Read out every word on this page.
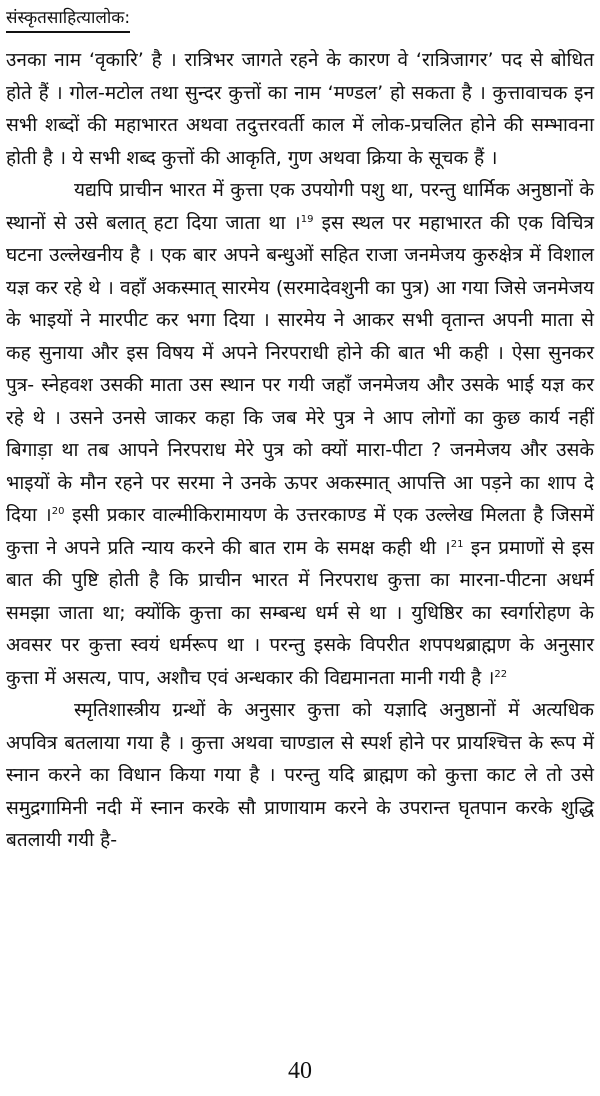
संस्कृतसाहित्यालोक:

उनका नाम ‘वृकारि’ है । रात्रिभर जागते रहने के कारण वे ‘रात्रिजागर’ पद से बोधित होते हैं । गोल-मटोल तथा सुन्दर कुत्तों का नाम ‘मण्डल’ हो सकता है । कुत्तावाचक इन सभी शब्दों की महाभारत अथवा तदुत्तरवर्ती काल में लोक-प्रचलित होने की सम्भावना होती है । ये सभी शब्द कुत्तों की आकृति, गुण अथवा क्रिया के सूचक हैं ।

यद्यपि प्राचीन भारत में कुत्ता एक उपयोगी पशु था, परन्तु धार्मिक अनुष्ठानों के स्थानों से उसे बलात् हटा दिया जाता था ।$^{19}$ इस स्थल पर महाभारत की एक विचित्र घटना उल्लेखनीय है । एक बार अपने बन्धुओं सहित राजा जनमेजय कुरुक्षेत्र में विशाल यज्ञ कर रहे थे । वहाँ अकस्मात् सारमेय (सरमादेवशुनी का पुत्र) आ गया जिसे जनमेजय के भाइयों ने मारपीट कर भगा दिया । सारमेय ने आकर सभी वृतान्त अपनी माता से कह सुनाया और इस विषय में अपने निरपराधी होने की बात भी कही । ऐसा सुनकर पुत्र- स्नेहवश उसकी माता उस स्थान पर गयी जहाँ जनमेजय और उसके भाई यज्ञ कर रहे थे । उसने उनसे जाकर कहा कि जब मेरे पुत्र ने आप लोगों का कुछ कार्य नहीं बिगाड़ा था तब आपने निरपराध मेरे पुत्र को क्यों मारा-पीटा ? जनमेजय और उसके भाइयों के मौन रहने पर सरमा ने उनके ऊपर अकस्मात् आपत्ति आ पड़ने का शाप दे दिया ।$^{20}$ इसी प्रकार वाल्मीकिरामायण के उत्तरकाण्ड में एक उल्लेख मिलता है जिसमें कुत्ता ने अपने प्रति न्याय करने की बात राम के समक्ष कही थी ।$^{21}$ इन प्रमाणों से इस बात की पुष्टि होती है कि प्राचीन भारत में निरपराध कुत्ता का मारना-पीटना अधर्म समझा जाता था; क्योंकि कुत्ता का सम्बन्ध धर्म से था । युधिष्ठिर का स्वर्गारोहण के अवसर पर कुत्ता स्वयं धर्मरूप था । परन्तु इसके विपरीत शपपथब्राह्मण के अनुसार कुत्ता में असत्य, पाप, अशौच एवं अन्धकार की विद्यमानता मानी गयी है ।$^{22}$

स्मृतिशास्त्रीय ग्रन्थों के अनुसार कुत्ता को यज्ञादि अनुष्ठानों में अत्यधिक अपवित्र बतलाया गया है । कुत्ता अथवा चाण्डाल से स्पर्श होने पर प्रायश्चित्त के रूप में स्नान करने का विधान किया गया है । परन्तु यदि ब्राह्मण को कुत्ता काट ले तो उसे समुद्रगामिनी नदी में स्नान करके सौ प्राणायाम करने के उपरान्त घृतपान करके शुद्धि बतलायी गयी है-

40
